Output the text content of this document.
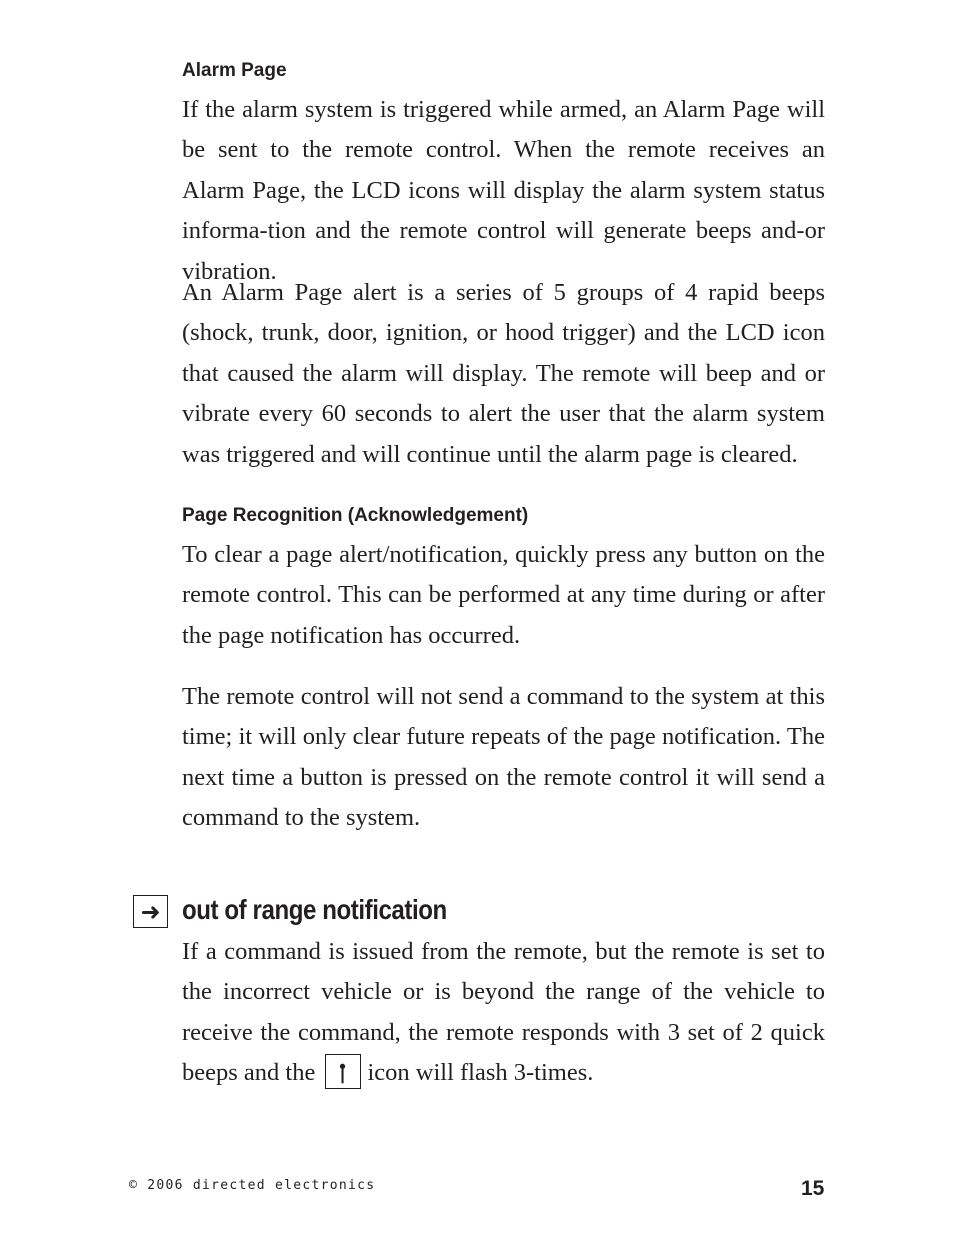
Alarm Page

If the alarm system is triggered while armed, an Alarm Page will be sent to the remote control. When the remote receives an Alarm Page, the LCD icons will display the alarm system status informa-tion and the remote control will generate beeps and-or vibration.

An Alarm Page alert is a series of 5 groups of 4 rapid beeps (shock, trunk, door, ignition, or hood trigger) and the LCD icon that caused the alarm will display. The remote will beep and or vibrate every 60 seconds to alert the user that the alarm system was triggered and will continue until the alarm page is cleared.

Page Recognition (Acknowledgement)

To clear a page alert/notification, quickly press any button on the remote control. This can be performed at any time during or after the page notification has occurred.

The remote control will not send a command to the system at this time; it will only clear future repeats of the page notification. The next time a button is pressed on the remote control it will send a command to the system.

➜ out of range notification

If a command is issued from the remote, but the remote is set to the incorrect vehicle or is beyond the range of the vehicle to receive the command, the remote responds with 3 set of 2 quick beeps and the icon will flash 3-times.

© 2006 directed electronics	15
